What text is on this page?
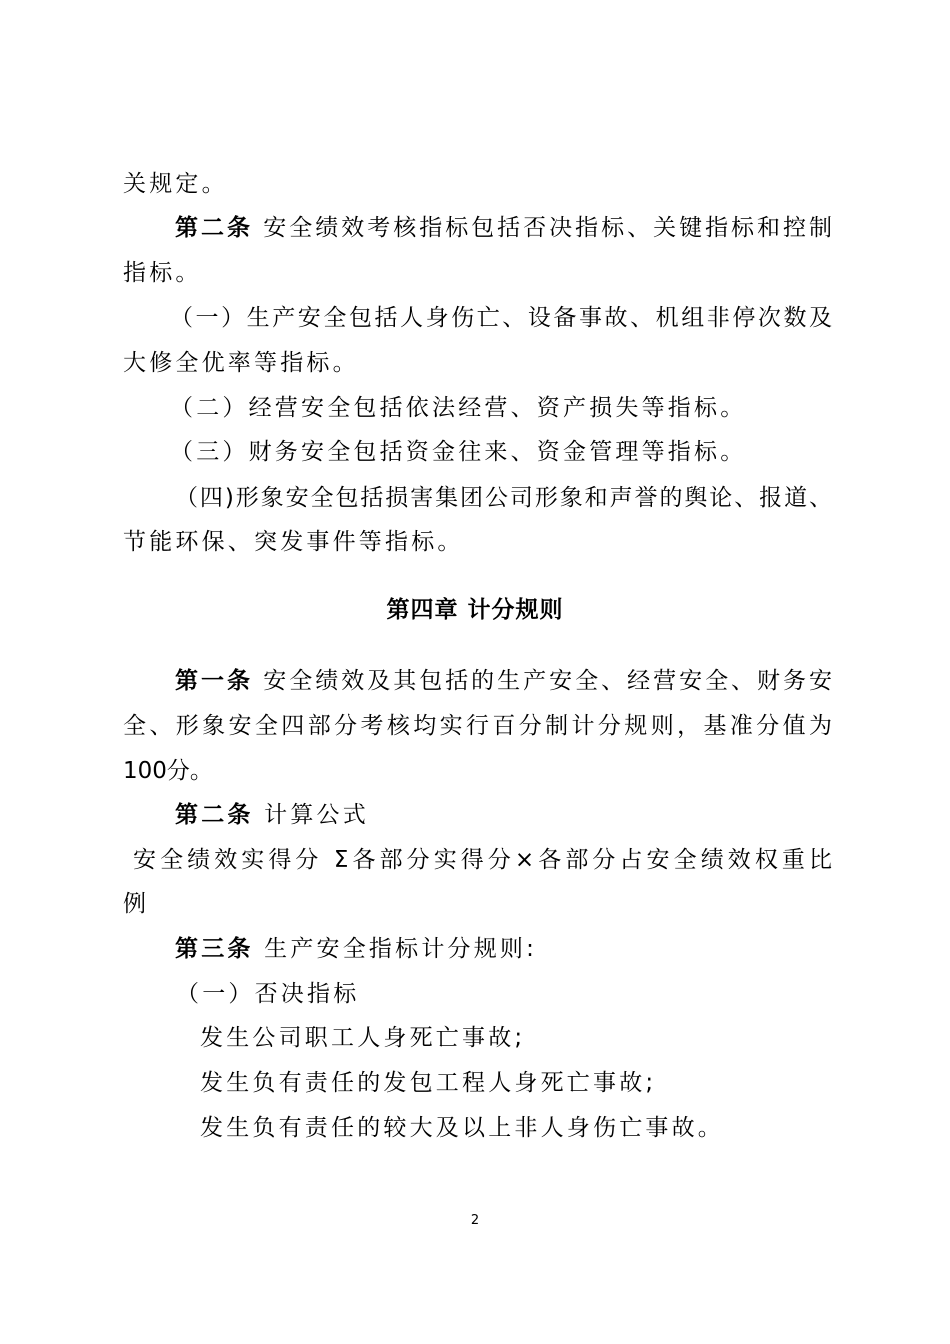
关规定。
第二条 安全绩效考核指标包括否决指标、关键指标和控制
指标。
（一）生产安全包括人身伤亡、设备事故、机组非停次数及
大修全优率等指标。
（二）经营安全包括依法经营、资产损失等指标。
（三）财务安全包括资金往来、资金管理等指标。
（四)形象安全包括损害集团公司形象和声誉的舆论、报道、
节能环保、突发事件等指标。
第四章 计分规则
第一条 安全绩效及其包括的生产安全、经营安全、财务安
全、形象安全四部分考核均实行百分制计分规则，基准分值为
100分。
第二条 计算公式
安全绩效实得分 Σ各部分实得分×各部分占安全绩效权重比
例
第三条 生产安全指标计分规则:
（一）否决指标
发生公司职工人身死亡事故;
发生负有责任的发包工程人身死亡事故;
发生负有责任的较大及以上非人身伤亡事故。
2
